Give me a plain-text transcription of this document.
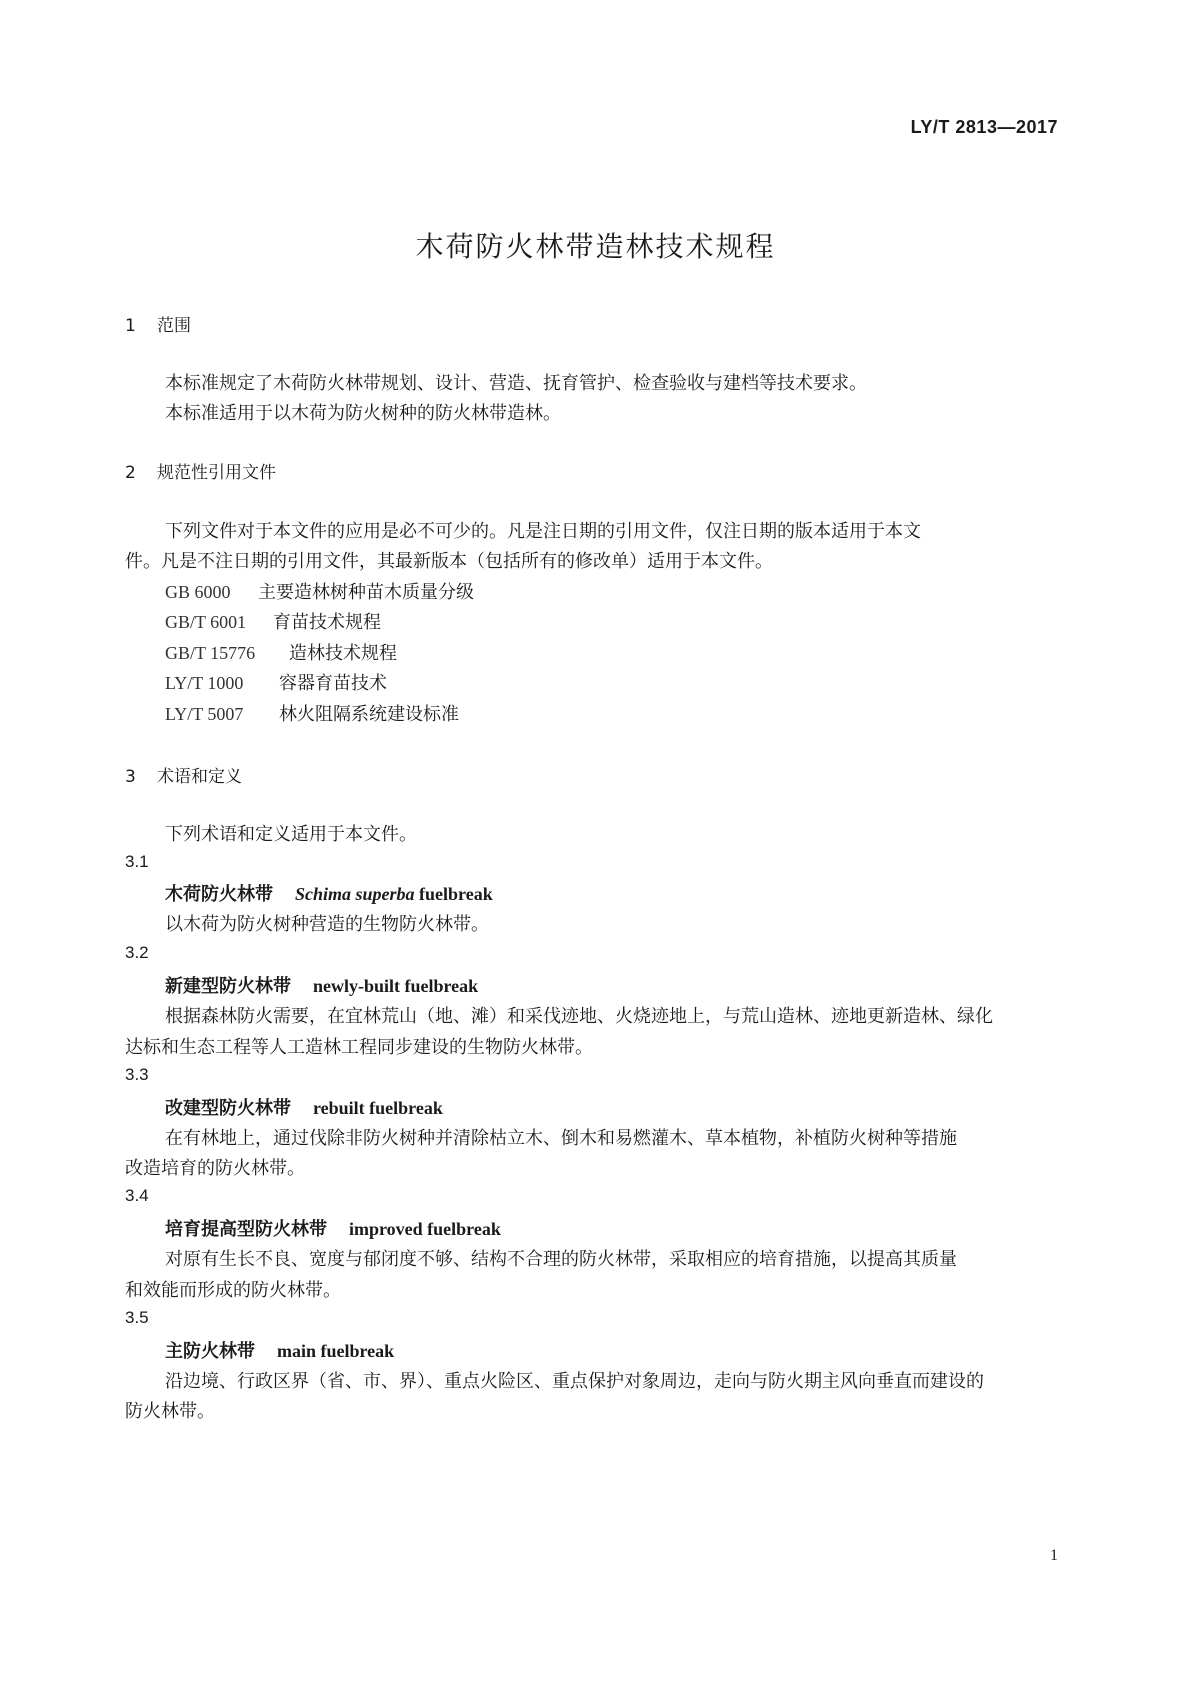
LY/T 2813—2017
木荷防火林带造林技术规程
1 范围
本标准规定了木荷防火林带规划、设计、营造、抚育管护、检查验收与建档等技术要求。
本标准适用于以木荷为防火树种的防火林带造林。
2 规范性引用文件
下列文件对于本文件的应用是必不可少的。凡是注日期的引用文件，仅注日期的版本适用于本文
件。凡是不注日期的引用文件，其最新版本（包括所有的修改单）适用于本文件。
GB 6000 主要造林树种苗木质量分级
GB/T 6001 育苗技术规程
GB/T 15776 造林技术规程
LY/T 1000 容器育苗技术
LY/T 5007 林火阻隔系统建设标准
3 术语和定义
下列术语和定义适用于本文件。
3.1
木荷防火林带 Schima superba fuelbreak
以木荷为防火树种营造的生物防火林带。
3.2
新建型防火林带 newly-built fuelbreak
根据森林防火需要，在宜林荒山（地、滩）和采伐迹地、火烧迹地上，与荒山造林、迹地更新造林、绿化
达标和生态工程等人工造林工程同步建设的生物防火林带。
3.3
改建型防火林带 rebuilt fuelbreak
在有林地上，通过伐除非防火树种并清除枯立木、倒木和易燃灌木、草本植物，补植防火树种等措施
改造培育的防火林带。
3.4
培育提高型防火林带 improved fuelbreak
对原有生长不良、宽度与郁闭度不够、结构不合理的防火林带，采取相应的培育措施，以提高其质量
和效能而形成的防火林带。
3.5
主防火林带 main fuelbreak
沿边境、行政区界（省、市、界）、重点火险区、重点保护对象周边，走向与防火期主风向垂直而建设的
防火林带。
1
